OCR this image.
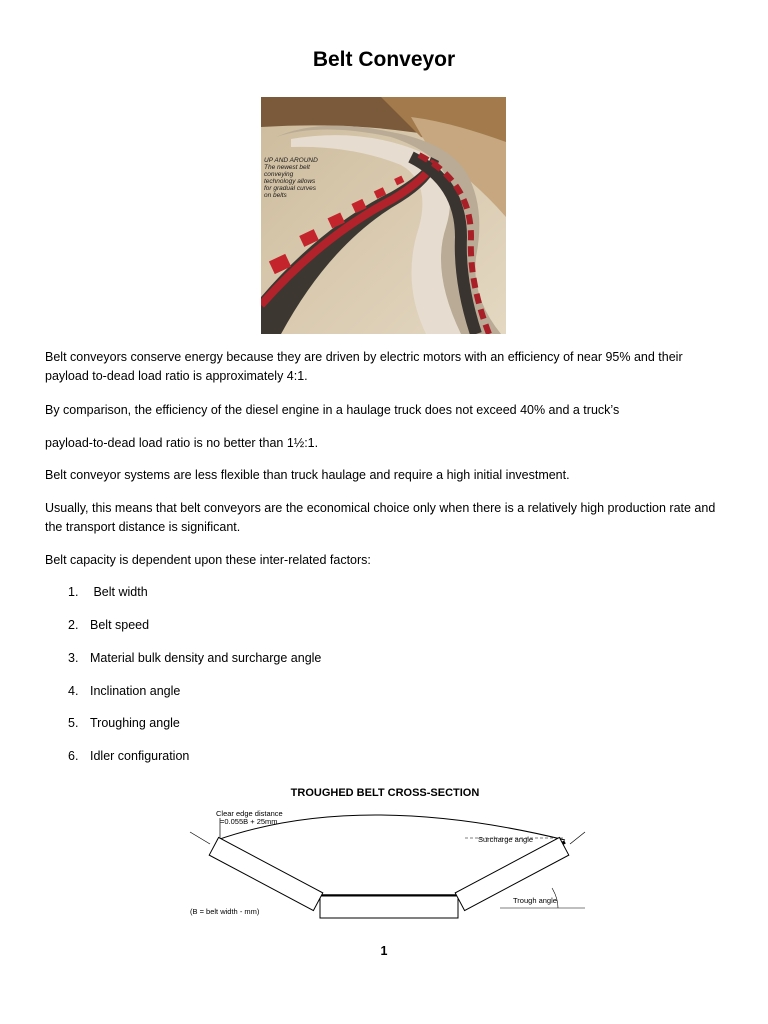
Belt Conveyor
UP AND AROUND The newest belt conveying technology allows for gradual curves on belts

Belt conveyors conserve energy because they are driven by electric motors with an efficiency of near 95% and their payload to-dead load ratio is approximately 4:1.

By comparison, the efficiency of the diesel engine in a haulage truck does not exceed 40% and a truck’s

payload-to-dead load ratio is no better than 1½:1.

Belt conveyor systems are less flexible than truck haulage and require a high initial investment.

Usually, this means that belt conveyors are the economical choice only when there is a relatively high production rate and the transport distance is significant.

Belt capacity is dependent upon these inter-related factors:

1. Belt width
2. Belt speed
3. Material bulk density and surcharge angle
4. Inclination angle
5. Troughing angle
6. Idler configuration
TROUGHED BELT CROSS-SECTION
Clear edge distance
=0.055B + 25mm
Surcharge angle
Trough angle
(B = belt width - mm)
1
